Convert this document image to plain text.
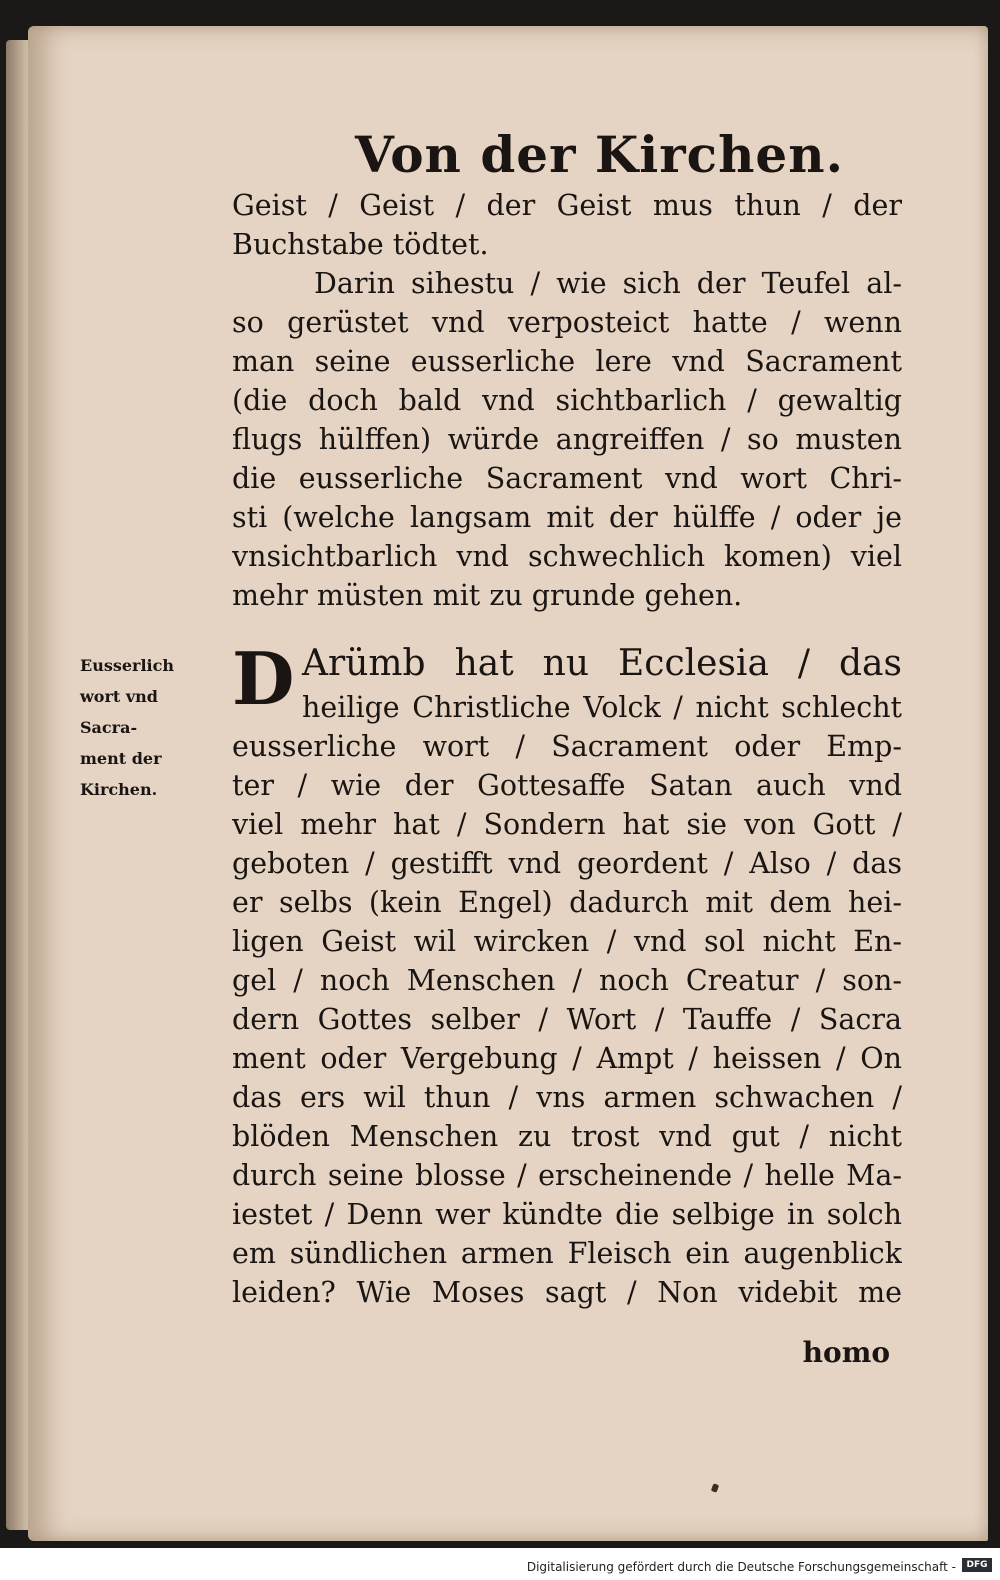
Von der Kirchen.
Geist / Geist / der Geist mus thun / der
Buchstabe tödtet.
Darin sihestu / wie sich der Teufel al-
so gerüstet vnd verposteict hatte / wenn
man seine eusserliche lere vnd Sacrament
(die doch bald vnd sichtbarlich / gewaltig
flugs hülffen) würde angreiffen / so musten
die eusserliche Sacrament vnd wort Chri-
sti (welche langsam mit der hülffe / oder je
vnsichtbarlich vnd schwechlich komen) viel
mehr müsten mit zu grunde gehen.
D Arümb hat nu Ecclesia / das
heilige Christliche Volck / nicht schlecht
eusserliche wort / Sacrament oder Emp-
ter / wie der Gottesaffe Satan auch vnd
viel mehr hat / Sondern hat sie von Gott /
geboten / gestifft vnd geordent / Also / das
er selbs (kein Engel) dadurch mit dem hei-
ligen Geist wil wircken / vnd sol nicht En-
gel / noch Menschen / noch Creatur / son-
dern Gottes selber / Wort / Tauffe / Sacra
ment oder Vergebung / Ampt / heissen / On
das ers wil thun / vns armen schwachen /
blöden Menschen zu trost vnd gut / nicht
durch seine blosse / erscheinende / helle Ma-
iestet / Denn wer kündte die selbige in solch
em sündlichen armen Fleisch ein augenblick
leiden? Wie Moses sagt / Non videbit me
Eusserlich
wort vnd
Sacra-
ment der
Kirchen.
homo
Digitalisierung gefördert durch die Deutsche Forschungsgemeinschaft -	DFG
